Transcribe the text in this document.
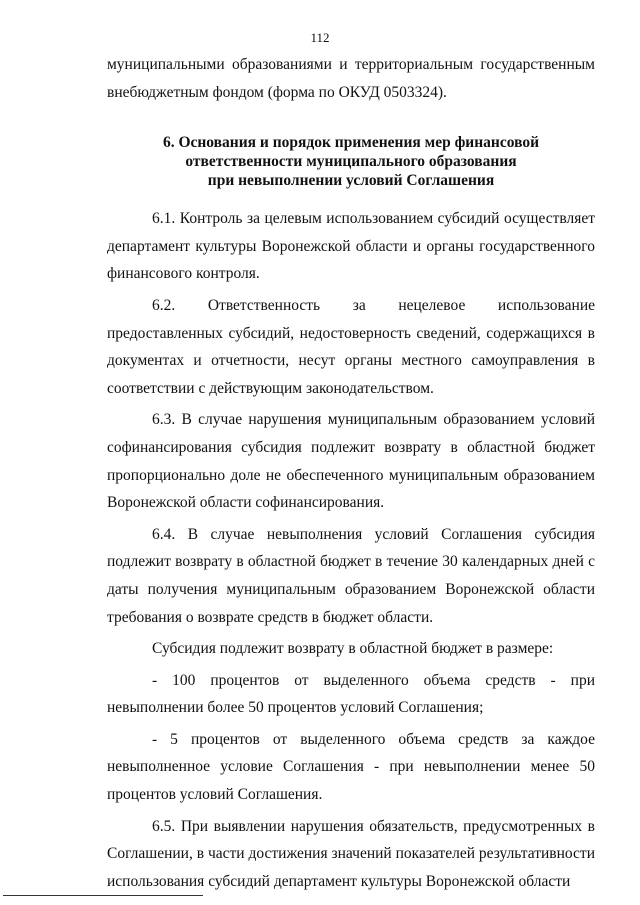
112

муниципальными образованиями и территориальным государственным внебюджетным фондом (форма по ОКУД 0503324).

6. Основания и порядок применения мер финансовой
ответственности муниципального образования
при невыполнении условий Соглашения

6.1. Контроль за целевым использованием субсидий осуществляет департамент культуры Воронежской области и органы государственного финансового контроля.

6.2. Ответственность за нецелевое использование предоставленных субсидий, недостоверность сведений, содержащихся в документах и отчетности, несут органы местного самоуправления в соответствии с действующим законодательством.

6.3. В случае нарушения муниципальным образованием условий софинансирования субсидия подлежит возврату в областной бюджет пропорционально доле не обеспеченного муниципальным образованием Воронежской области софинансирования.

6.4. В случае невыполнения условий Соглашения субсидия подлежит возврату в областной бюджет в течение 30 календарных дней с даты получения муниципальным образованием Воронежской области требования о возврате средств в бюджет области.

Субсидия подлежит возврату в областной бюджет в размере:

- 100 процентов от выделенного объема средств - при невыполнении более 50 процентов условий Соглашения;

- 5 процентов от выделенного объема средств за каждое невыполненное условие Соглашения - при невыполнении менее 50 процентов условий Соглашения.

6.5. При выявлении нарушения обязательств, предусмотренных в Соглашении, в части достижения значений показателей результативности использования субсидий департамент культуры Воронежской области
